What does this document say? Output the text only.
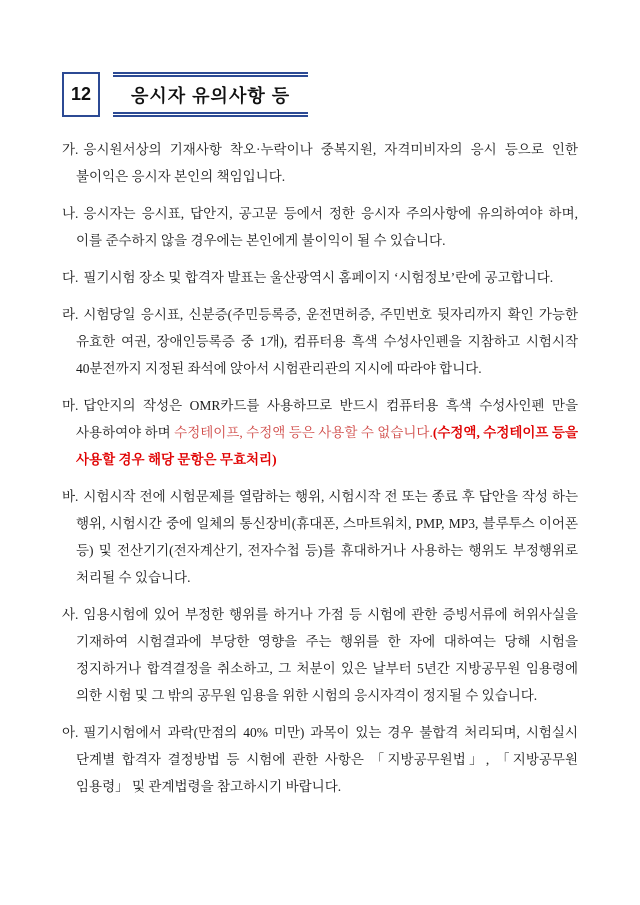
12 응시자 유의사항 등

가. 응시원서상의 기재사항 착오·누락이나 중복지원, 자격미비자의 응시 등으로 인한 불이익은 응시자 본인의 책임입니다.

나. 응시자는 응시표, 답안지, 공고문 등에서 정한 응시자 주의사항에 유의하여야 하며, 이를 준수하지 않을 경우에는 본인에게 불이익이 될 수 있습니다.

다. 필기시험 장소 및 합격자 발표는 울산광역시 홈페이지 ‘시험정보’란에 공고합니다.

라. 시험당일 응시표, 신분증(주민등록증, 운전면허증, 주민번호 뒷자리까지 확인 가능한 유효한 여권, 장애인등록증 중 1개), 컴퓨터용 흑색 수성사인펜을 지참하고 시험시작 40분전까지 지정된 좌석에 앉아서 시험관리관의 지시에 따라야 합니다.

마. 답안지의 작성은 OMR카드를 사용하므로 반드시 컴퓨터용 흑색 수성사인펜 만을 사용하여야 하며 수정테이프, 수정액 등은 사용할 수 없습니다.(수정액, 수정테이프 등을 사용할 경우 해당 문항은 무효처리)

바. 시험시작 전에 시험문제를 열람하는 행위, 시험시작 전 또는 종료 후 답안을 작성 하는 행위, 시험시간 중에 일체의 통신장비(휴대폰, 스마트워치, PMP, MP3, 블루투스 이어폰 등) 및 전산기기(전자계산기, 전자수첩 등)를 휴대하거나 사용하는 행위도 부정행위로 처리될 수 있습니다.

사. 임용시험에 있어 부정한 행위를 하거나 가점 등 시험에 관한 증빙서류에 허위사실을 기재하여 시험결과에 부당한 영향을 주는 행위를 한 자에 대하여는 당해 시험을 정지하거나 합격결정을 취소하고, 그 처분이 있은 날부터 5년간 지방공무원 임용령에 의한 시험 및 그 밖의 공무원 임용을 위한 시험의 응시자격이 정지될 수 있습니다.

아. 필기시험에서 과락(만점의 40% 미만) 과목이 있는 경우 불합격 처리되며, 시험실시 단계별 합격자 결정방법 등 시험에 관한 사항은 「지방공무원법」, 「지방공무원 임용령」 및 관계법령을 참고하시기 바랍니다.
